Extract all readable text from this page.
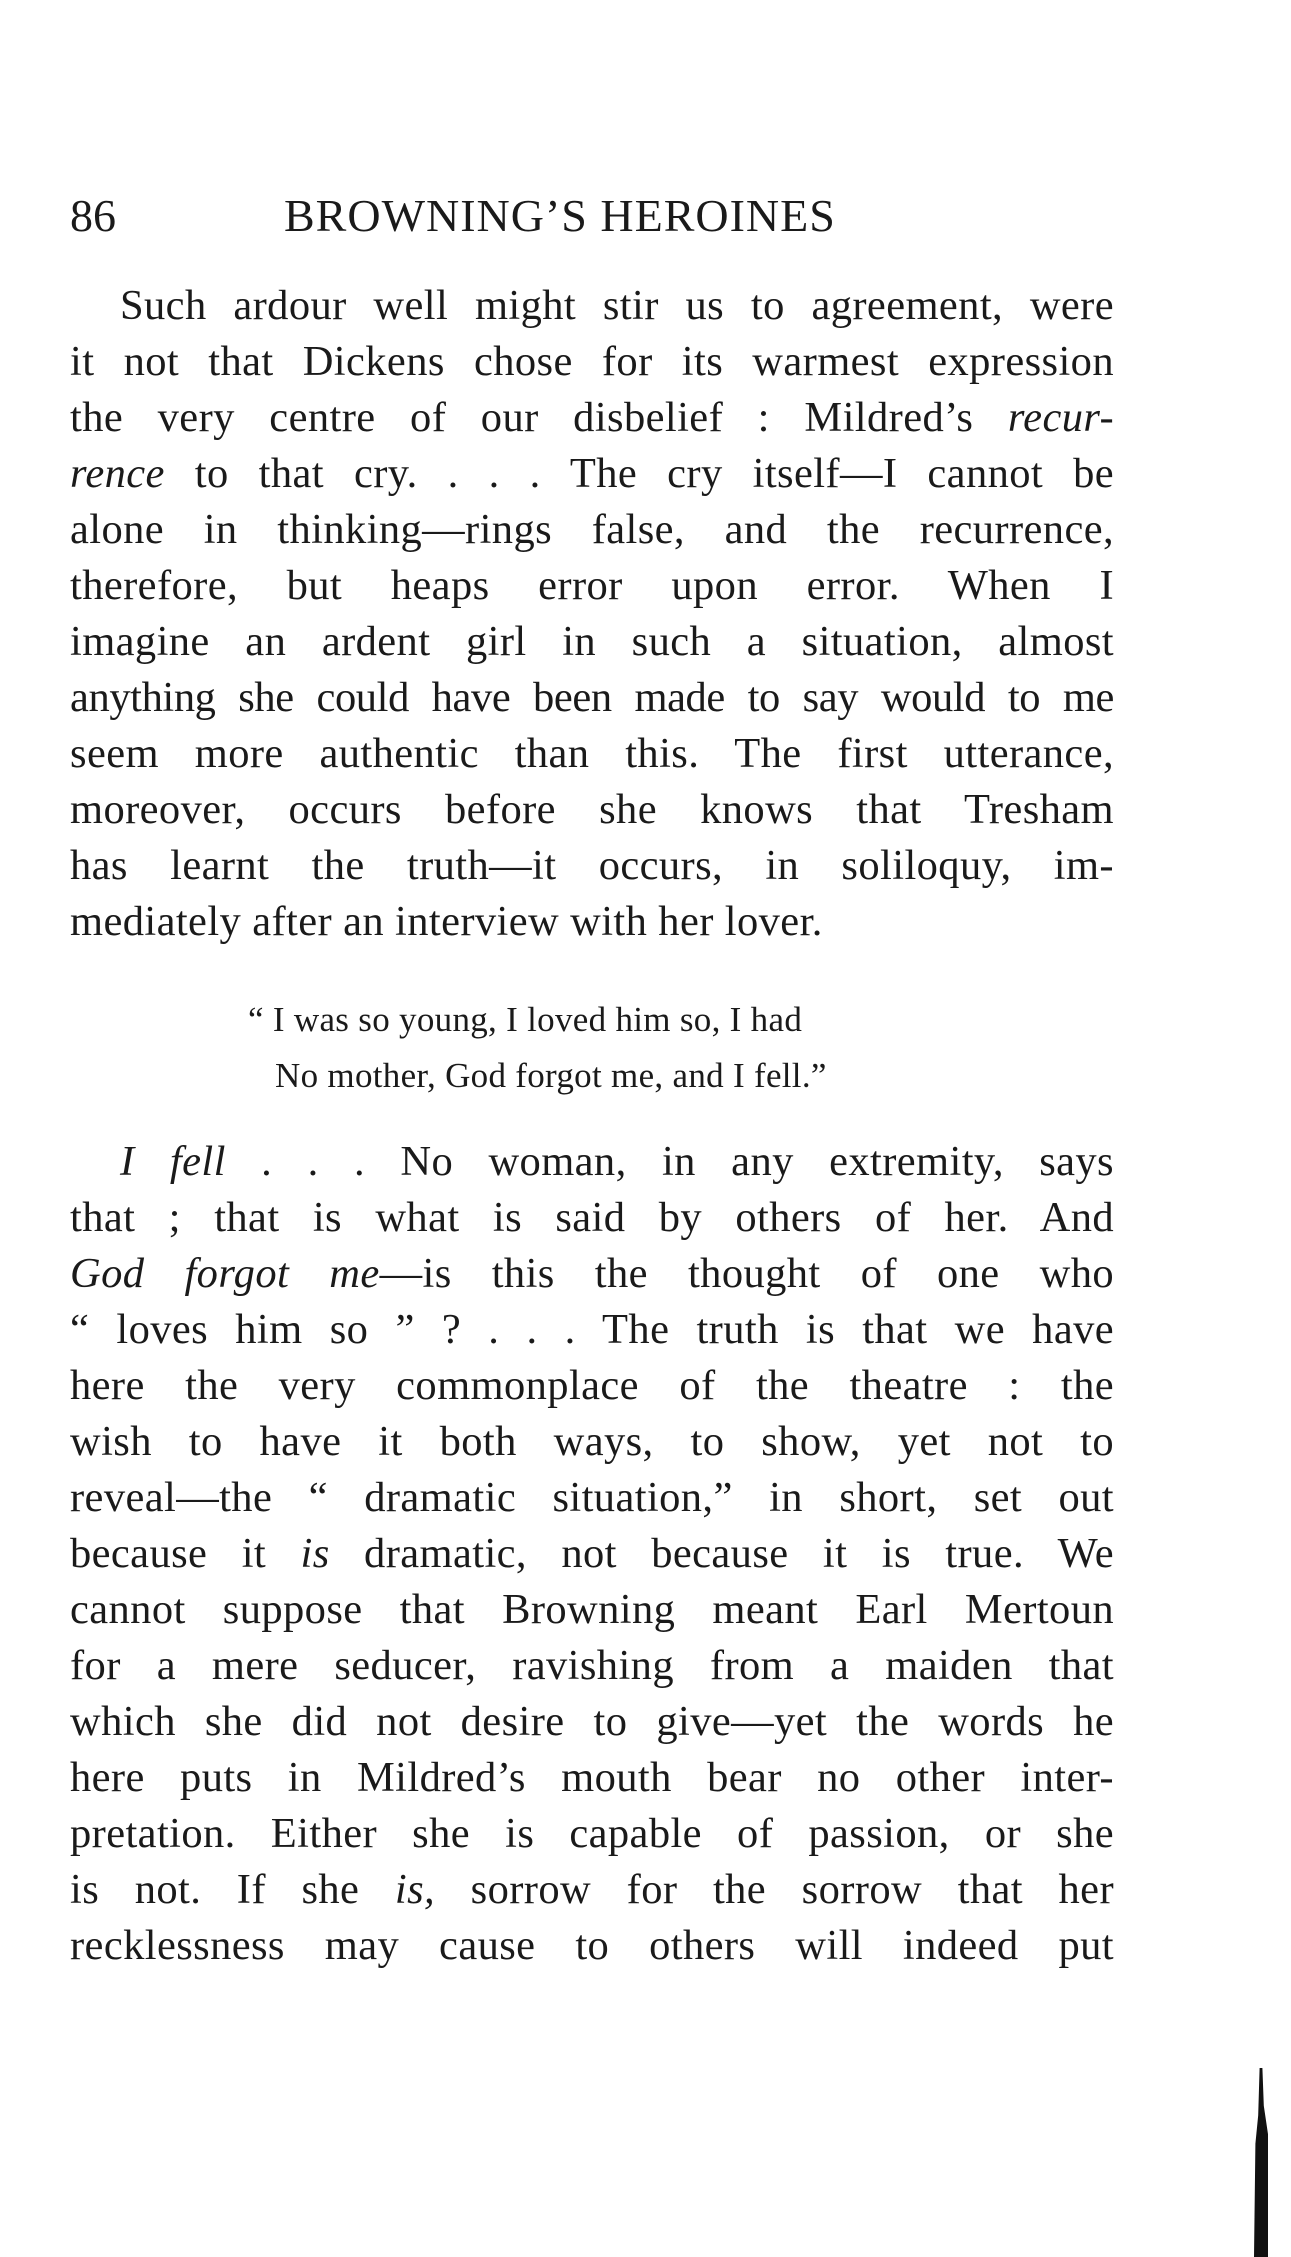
86	BROWNING’S HEROINES
Such ardour well might stir us to agreement, were
it not that Dickens chose for its warmest expression
the very centre of our disbelief : Mildred’s recur-
rence to that cry. . . . The cry itself—I cannot be
alone in thinking—rings false, and the recurrence,
therefore, but heaps error upon error. When I
imagine an ardent girl in such a situation, almost
anything she could have been made to say would to me
seem more authentic than this. The first utterance,
moreover, occurs before she knows that Tresham
has learnt the truth—it occurs, in soliloquy, im-
mediately after an interview with her lover.
“ I was so young, I loved him so, I had
No mother, God forgot me, and I fell.”
I fell . . . No woman, in any extremity, says
that ; that is what is said by others of her. And
God forgot me—is this the thought of one who
“ loves him so ” ? . . . The truth is that we have
here the very commonplace of the theatre : the
wish to have it both ways, to show, yet not to
reveal—the “ dramatic situation,” in short, set out
because it is dramatic, not because it is true. We
cannot suppose that Browning meant Earl Mertoun
for a mere seducer, ravishing from a maiden that
which she did not desire to give—yet the words he
here puts in Mildred’s mouth bear no other inter-
pretation. Either she is capable of passion, or she
is not. If she is, sorrow for the sorrow that her
recklessness may cause to others will indeed put
